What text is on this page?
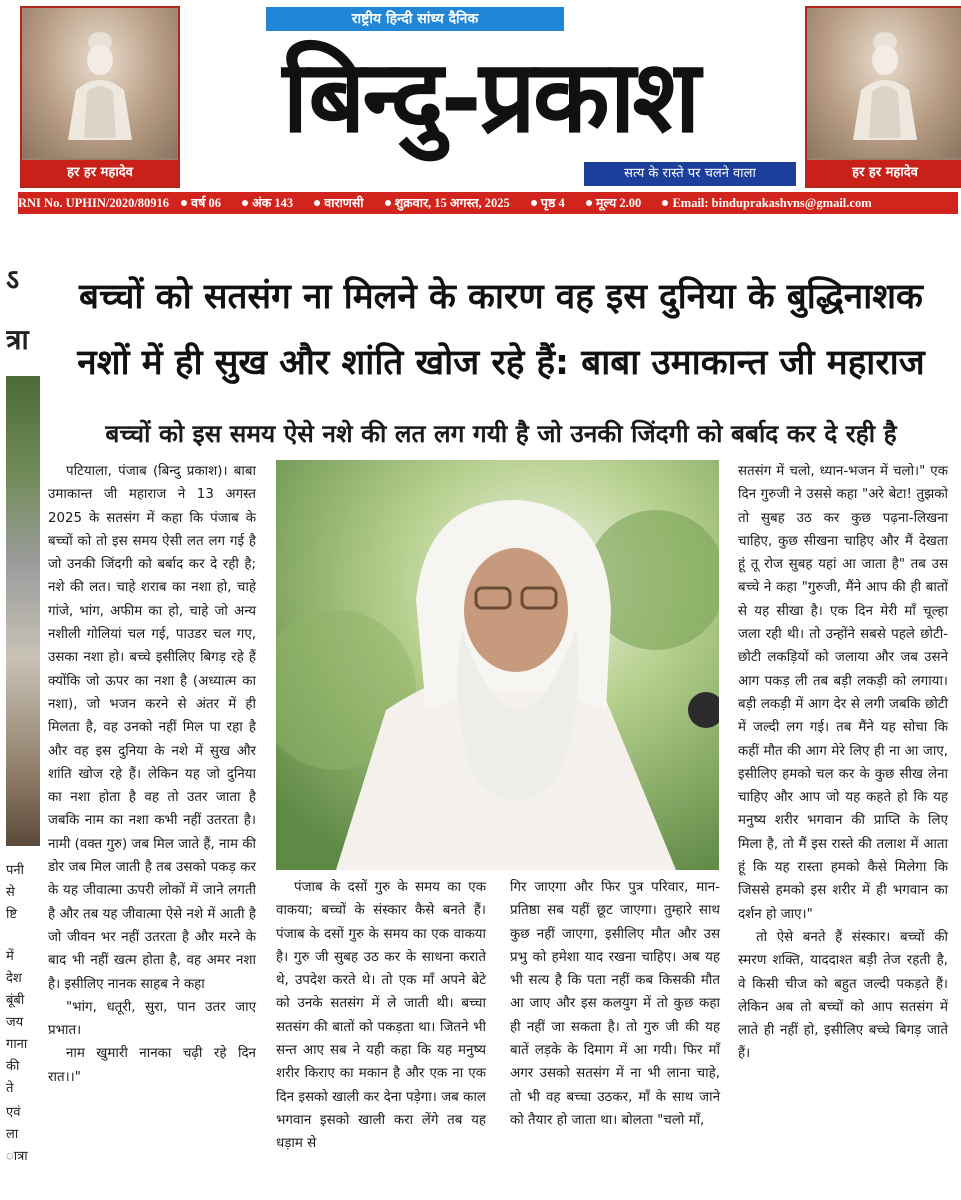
हर हर महादेव	हर हर महादेव
राष्ट्रीय हिन्दी सांध्य दैनिक
बिन्दु-प्रकाश
सत्य के रास्ते पर चलने वाला
RNI No. UPHIN/2020/80916 वर्ष 06 अंक 143 वाराणसी शुक्रवार, 15 अगस्त, 2025 पृष्ठ 4 मूल्य 2.00 Email: binduprakashvns@gmail.com
ऽ
त्रा
पनी
से
ष्टि
में
देश
बूंबी
जय
गाना
की
ते
एवं
ला
ात्रा
बच्चों को सतसंग ना मिलने के कारण वह इस दुनिया के बुद्धिनाशक
नशों में ही सुख और शांति खोज रहे हैं: बाबा उमाकान्त जी महाराज
बच्चों को इस समय ऐसे नशे की लत लग गयी है जो उनकी जिंदगी को बर्बाद कर दे रही है

पटियाला, पंजाब (बिन्दु प्रकाश)। बाबा उमाकान्त जी महाराज ने 13 अगस्त 2025 के सतसंग में कहा कि पंजाब के बच्चों को तो इस समय ऐसी लत लग गई है जो उनकी जिंदगी को बर्बाद कर दे रही है; नशे की लत। चाहे शराब का नशा हो, चाहे गांजे, भांग, अफीम का हो, चाहे जो अन्य नशीली गोलियां चल गई, पाउडर चल गए, उसका नशा हो। बच्चे इसीलिए बिगड़ रहे हैं क्योंकि जो ऊपर का नशा है (अध्यात्म का नशा), जो भजन करने से अंतर में ही मिलता है, वह उनको नहीं मिल पा रहा है और वह इस दुनिया के नशे में सुख और शांति खोज रहे हैं। लेकिन यह जो दुनिया का नशा होता है वह तो उतर जाता है जबकि नाम का नशा कभी नहीं उतरता है। नामी (वक्त गुरु) जब मिल जाते हैं, नाम की डोर जब मिल जाती है तब उसको पकड़ कर के यह जीवात्मा ऊपरी लोकों में जाने लगती है और तब यह जीवात्मा ऐसे नशे में आती है जो जीवन भर नहीं उतरता है और मरने के बाद भी नहीं खत्म होता है, वह अमर नशा है। इसीलिए नानक साहब ने कहा

"भांग, धतूरी, सुरा, पान उतर जाए प्रभात।

नाम खुमारी नानका चढ़ी रहे दिन रात।।"

पंजाब के दसों गुरु के समय का एक वाकया; बच्चों के संस्कार कैसे बनते हैं। पंजाब के दसों गुरु के समय का एक वाकया है। गुरु जी सुबह उठ कर के साधना कराते थे, उपदेश करते थे। तो एक माँ अपने बेटे को उनके सतसंग में ले जाती थी। बच्चा सतसंग की बातों को पकड़ता था। जितने भी सन्त आए सब ने यही कहा कि यह मनुष्य शरीर किराए का मकान है और एक ना एक दिन इसको खाली कर देना पड़ेगा। जब काल भगवान इसको खाली करा लेंगे तब यह धड़ाम से

गिर जाएगा और फिर पुत्र परिवार, मान-प्रतिष्ठा सब यहीं छूट जाएगा। तुम्हारे साथ कुछ नहीं जाएगा, इसीलिए मौत और उस प्रभु को हमेशा याद रखना चाहिए। अब यह भी सत्य है कि पता नहीं कब किसकी मौत आ जाए और इस कलयुग में तो कुछ कहा ही नहीं जा सकता है। तो गुरु जी की यह बातें लड़के के दिमाग में आ गयी। फिर माँ अगर उसको सतसंग में ना भी लाना चाहे, तो भी वह बच्चा उठकर, माँ के साथ जाने को तैयार हो जाता था। बोलता "चलो माँ,

सतसंग में चलो, ध्यान-भजन में चलो।" एक दिन गुरुजी ने उससे कहा "अरे बेटा! तुझको तो सुबह उठ कर कुछ पढ़ना-लिखना चाहिए, कुछ सीखना चाहिए और मैं देखता हूं तू रोज सुबह यहां आ जाता है" तब उस बच्चे ने कहा "गुरुजी, मैंने आप की ही बातों से यह सीखा है। एक दिन मेरी माँ चूल्हा जला रही थी। तो उन्होंने सबसे पहले छोटी-छोटी लकड़ियों को जलाया और जब उसने आग पकड़ ली तब बड़ी लकड़ी को लगाया। बड़ी लकड़ी में आग देर से लगी जबकि छोटी में जल्दी लग गई। तब मैंने यह सोचा कि कहीं मौत की आग मेरे लिए ही ना आ जाए, इसीलिए हमको चल कर के कुछ सीख लेना चाहिए और आप जो यह कहते हो कि यह मनुष्य शरीर भगवान की प्राप्ति के लिए मिला है, तो मैं इस रास्ते की तलाश में आता हूं कि यह रास्ता हमको कैसे मिलेगा कि जिससे हमको इस शरीर में ही भगवान का दर्शन हो जाए।"

तो ऐसे बनते हैं संस्कार। बच्चों की स्मरण शक्ति, याददाश्त बड़ी तेज रहती है, वे किसी चीज को बहुत जल्दी पकड़ते हैं। लेकिन अब तो बच्चों को आप सतसंग में लाते ही नहीं हो, इसीलिए बच्चे बिगड़ जाते हैं।
